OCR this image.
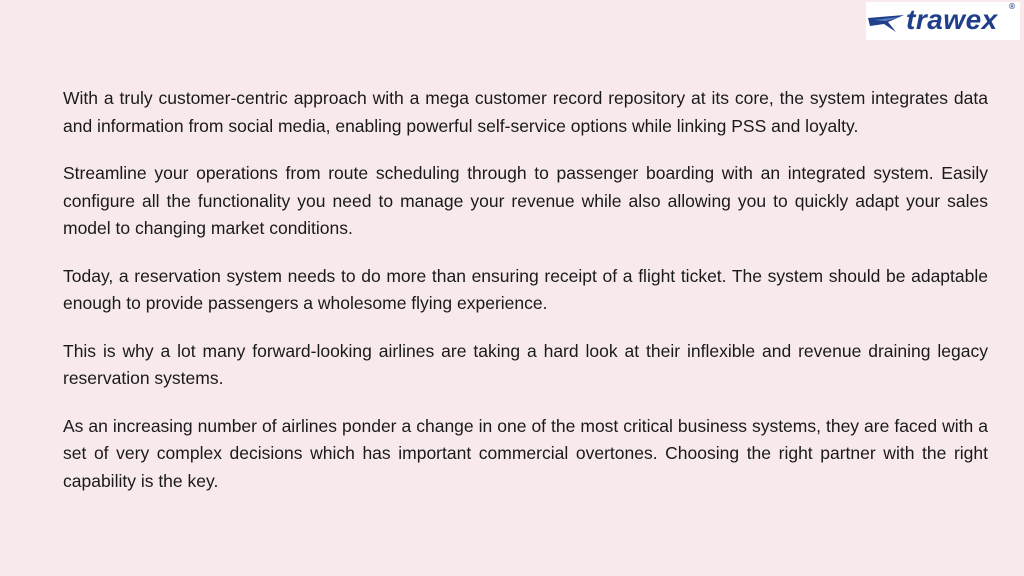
trawex ®

With a truly customer-centric approach with a mega customer record repository at its core, the system integrates data and information from social media, enabling powerful self-service options while linking PSS and loyalty.

Streamline your operations from route scheduling through to passenger boarding with an integrated system. Easily configure all the functionality you need to manage your revenue while also allowing you to quickly adapt your sales model to changing market conditions.

Today, a reservation system needs to do more than ensuring receipt of a flight ticket. The system should be adaptable enough to provide passengers a wholesome flying experience.

This is why a lot many forward-looking airlines are taking a hard look at their inflexible and revenue draining legacy reservation systems.

As an increasing number of airlines ponder a change in one of the most critical business systems, they are faced with a set of very complex decisions which has important commercial overtones. Choosing the right partner with the right capability is the key.
